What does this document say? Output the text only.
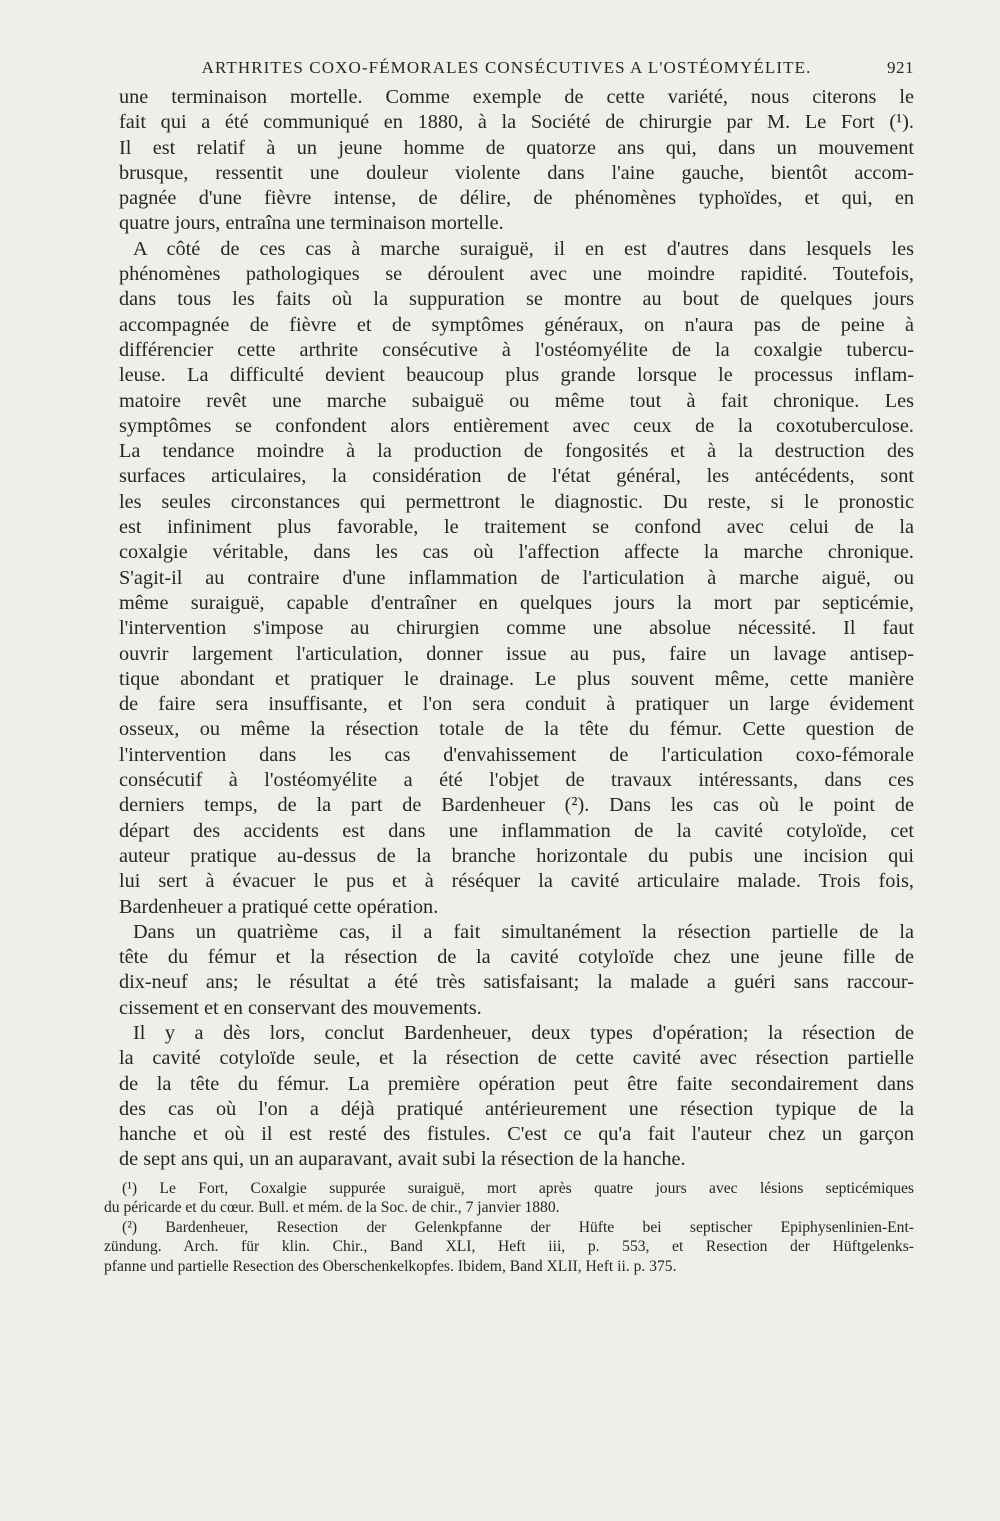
ARTHRITES COXO-FÉMORALES CONSÉCUTIVES A L'OSTÉOMYÉLITE.	921
une terminaison mortelle. Comme exemple de cette variété, nous citerons le
fait qui a été communiqué en 1880, à la Société de chirurgie par M. Le Fort (¹).
Il est relatif à un jeune homme de quatorze ans qui, dans un mouvement
brusque, ressentit une douleur violente dans l'aine gauche, bientôt accom-
pagnée d'une fièvre intense, de délire, de phénomènes typhoïdes, et qui, en
quatre jours, entraîna une terminaison mortelle.
A côté de ces cas à marche suraiguë, il en est d'autres dans lesquels les
phénomènes pathologiques se déroulent avec une moindre rapidité. Toutefois,
dans tous les faits où la suppuration se montre au bout de quelques jours
accompagnée de fièvre et de symptômes généraux, on n'aura pas de peine à
différencier cette arthrite consécutive à l'ostéomyélite de la coxalgie tubercu-
leuse. La difficulté devient beaucoup plus grande lorsque le processus inflam-
matoire revêt une marche subaiguë ou même tout à fait chronique. Les
symptômes se confondent alors entièrement avec ceux de la coxotuberculose.
La tendance moindre à la production de fongosités et à la destruction des
surfaces articulaires, la considération de l'état général, les antécédents, sont
les seules circonstances qui permettront le diagnostic. Du reste, si le pronostic
est infiniment plus favorable, le traitement se confond avec celui de la
coxalgie véritable, dans les cas où l'affection affecte la marche chronique.
S'agit-il au contraire d'une inflammation de l'articulation à marche aiguë, ou
même suraiguë, capable d'entraîner en quelques jours la mort par septicémie,
l'intervention s'impose au chirurgien comme une absolue nécessité. Il faut
ouvrir largement l'articulation, donner issue au pus, faire un lavage antisep-
tique abondant et pratiquer le drainage. Le plus souvent même, cette manière
de faire sera insuffisante, et l'on sera conduit à pratiquer un large évidement
osseux, ou même la résection totale de la tête du fémur. Cette question de
l'intervention dans les cas d'envahissement de l'articulation coxo-fémorale
consécutif à l'ostéomyélite a été l'objet de travaux intéressants, dans ces
derniers temps, de la part de Bardenheuer (²). Dans les cas où le point de
départ des accidents est dans une inflammation de la cavité cotyloïde, cet
auteur pratique au-dessus de la branche horizontale du pubis une incision qui
lui sert à évacuer le pus et à réséquer la cavité articulaire malade. Trois fois,
Bardenheuer a pratiqué cette opération.
Dans un quatrième cas, il a fait simultanément la résection partielle de la
tête du fémur et la résection de la cavité cotyloïde chez une jeune fille de
dix-neuf ans; le résultat a été très satisfaisant; la malade a guéri sans raccour-
cissement et en conservant des mouvements.
Il y a dès lors, conclut Bardenheuer, deux types d'opération; la résection de
la cavité cotyloïde seule, et la résection de cette cavité avec résection partielle
de la tête du fémur. La première opération peut être faite secondairement dans
des cas où l'on a déjà pratiqué antérieurement une résection typique de la
hanche et où il est resté des fistules. C'est ce qu'a fait l'auteur chez un garçon
de sept ans qui, un an auparavant, avait subi la résection de la hanche.
(¹) Le Fort, Coxalgie suppurée suraiguë, mort après quatre jours avec lésions septicémiques
du péricarde et du cœur. Bull. et mém. de la Soc. de chir., 7 janvier 1880.
(²) Bardenheuer, Resection der Gelenkpfanne der Hüfte bei septischer Epiphysenlinien-Ent-
zündung. Arch. für klin. Chir., Band XLI, Heft iii, p. 553, et Resection der Hüftgelenks-
pfanne und partielle Resection des Oberschenkelkopfes. Ibidem, Band XLII, Heft ii. p. 375.
